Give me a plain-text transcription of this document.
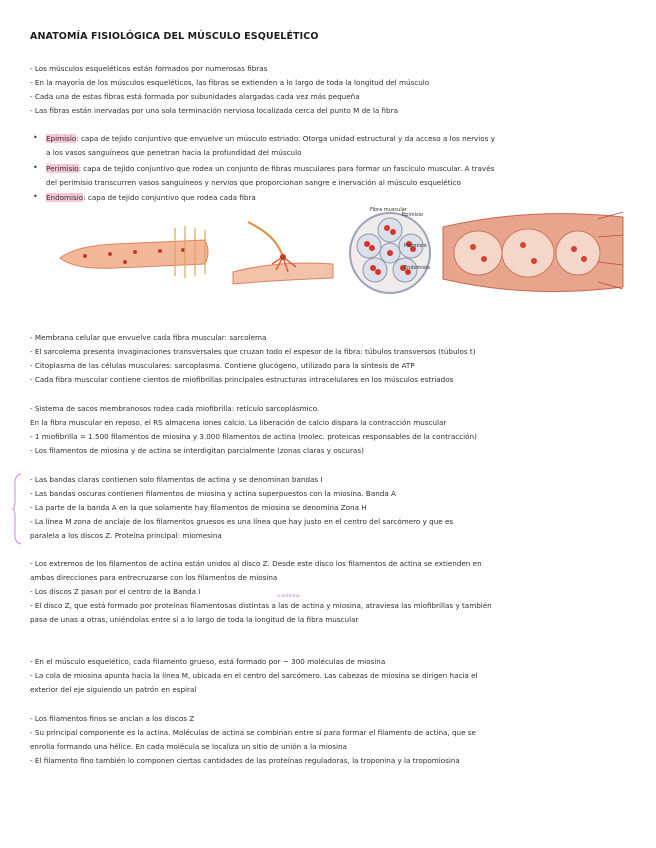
ANATOMÍA FISIOLÓGICA DEL MÚSCULO ESQUELÉTICO
- Los músculos esqueléticos están formados por numerosas fibras
- En la mayoría de los músculos esqueléticos, las fibras se extienden a lo largo de toda la longitud del músculo
- Cada una de estas fibras está formada por subunidades alargadas cada vez más pequeña
- Las fibras están inervadas por una sola terminación nerviosa localizada cerca del punto M de la fibra
• Epimisio: capa de tejido conjuntivo que envuelve un músculo estriado. Otorga unidad estructural y da acceso a los nervios y
a los vasos sanguíneos que penetran hacia la profundidad del músculo
• Perimisio: capa de tejido conjuntivo que rodea un conjunto de fibras musculares para formar un fascículo muscular. A través
del perimisio transcurren vasos sanguíneos y nervios que proporcionan sangre e inervación al músculo esquelético
• Endomisio: capa de tejido conjuntivo que rodea cada fibra
Fibra muscular
Epimisio
Perimisio
Endomisio
- Membrana celular que envuelve cada fibra muscular: sarcolema
- El sarcolema presenta invaginaciones transversales que cruzan todo el espesor de la fibra: túbulos transversos (túbulos t)
- Citoplasma de las células musculares: sarcoplasma. Contiene glucógeno, utilizado para la síntesis de ATP
- Cada fibra muscular contiene cientos de miofibrillas principales estructuras intracelulares en los músculos estriados
- Sistema de sacos membranosos rodea cada miofibrilla: retículo sarcoplásmico.
En la fibra muscular en reposo, el RS almacena iones calcio. La liberación de calcio dispara la contracción muscular
- 1 miofibrilla = 1.500 filamentos de miosina y 3.000 filamentos de actina (molec. proteicas responsables de la contracción)
- Los filamentos de miosina y de actina se interdigitan parcialmente (zonas claras y oscuras)
- Las bandas claras contienen solo filamentos de actina y se denominan bandas I
- Las bandas oscuras contienen filamentos de miosina y actina superpuestos con la miosina. Banda A
- La parte de la banda A en la que solamente hay filamentos de miosina se denomina Zona H
- La línea M zona de anclaje de los filamentos gruesos es una línea que hay justo en el centro del sarcómero y que es
paralela a los discos Z. Proteína principal: miomesina
- Los extremos de los filamentos de actina están unidos al disco Z. Desde este disco los filamentos de actina se extienden en
ambas direcciones para entrecruzarse con los filamentos de miosina
- Los discos Z pasan por el centro de la Banda I
α-actinina
- El disco Z, que está formado por proteínas filamentosas distintas a las de actina y miosina, atraviesa las miofibrillas y también
pasa de unas a otras, uniéndolas entre sí a lo largo de toda la longitud de la fibra muscular
- En el músculo esquelético, cada filamento grueso, está formado por ~ 300 moléculas de miosina
- La cola de miosina apunta hacia la línea M, ubicada en el centro del sarcómero. Las cabezas de miosina se dirigen hacia el
exterior del eje siguiendo un patrón en espiral
- Los filamentos finos se anclan a los discos Z
- Su principal componente es la actina. Moléculas de actina se combinan entre sí para formar el filamento de actina, que se
enrolla formando una hélice. En cada molécula se localiza un sitio de unión a la miosina
- El filamento fino también lo componen ciertas cantidades de las proteínas reguladoras, la troponina y la tropomiosina
